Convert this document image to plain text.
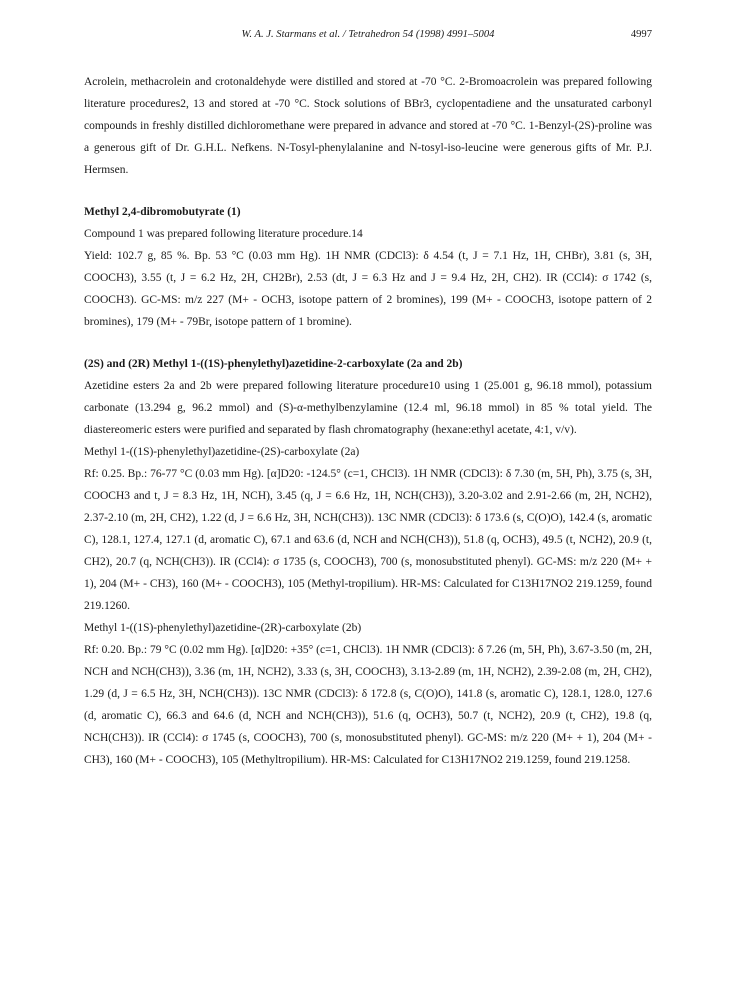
W. A. J. Starmans et al. / Tetrahedron 54 (1998) 4991–5004	4997

Acrolein, methacrolein and crotonaldehyde were distilled and stored at -70 °C. 2-Bromoacrolein was prepared following literature procedures2, 13 and stored at -70 °C. Stock solutions of BBr3, cyclopentadiene and the unsaturated carbonyl compounds in freshly distilled dichloromethane were prepared in advance and stored at -70 °C. 1-Benzyl-(2S)-proline was a generous gift of Dr. G.H.L. Nefkens. N-Tosyl-phenylalanine and N-tosyl-iso-leucine were generous gifts of Mr. P.J. Hermsen.

Methyl 2,4-dibromobutyrate (1)

Compound 1 was prepared following literature procedure.14

Yield: 102.7 g, 85 %. Bp. 53 °C (0.03 mm Hg). 1H NMR (CDCl3): δ 4.54 (t, J = 7.1 Hz, 1H, CHBr), 3.81 (s, 3H, COOCH3), 3.55 (t, J = 6.2 Hz, 2H, CH2Br), 2.53 (dt, J = 6.3 Hz and J = 9.4 Hz, 2H, CH2). IR (CCl4): σ 1742 (s, COOCH3). GC-MS: m/z 227 (M+ - OCH3, isotope pattern of 2 bromines), 199 (M+ - COOCH3, isotope pattern of 2 bromines), 179 (M+ - 79Br, isotope pattern of 1 bromine).

(2S) and (2R) Methyl 1-((1S)-phenylethyl)azetidine-2-carboxylate (2a and 2b)

Azetidine esters 2a and 2b were prepared following literature procedure10 using 1 (25.001 g, 96.18 mmol), potassium carbonate (13.294 g, 96.2 mmol) and (S)-α-methylbenzylamine (12.4 ml, 96.18 mmol) in 85 % total yield. The diastereomeric esters were purified and separated by flash chromatography (hexane:ethyl acetate, 4:1, v/v).

Methyl 1-((1S)-phenylethyl)azetidine-(2S)-carboxylate (2a)

Rf: 0.25. Bp.: 76-77 °C (0.03 mm Hg). [α]D20: -124.5° (c=1, CHCl3). 1H NMR (CDCl3): δ 7.30 (m, 5H, Ph), 3.75 (s, 3H, COOCH3 and t, J = 8.3 Hz, 1H, NCH), 3.45 (q, J = 6.6 Hz, 1H, NCH(CH3)), 3.20-3.02 and 2.91-2.66 (m, 2H, NCH2), 2.37-2.10 (m, 2H, CH2), 1.22 (d, J = 6.6 Hz, 3H, NCH(CH3)). 13C NMR (CDCl3): δ 173.6 (s, C(O)O), 142.4 (s, aromatic C), 128.1, 127.4, 127.1 (d, aromatic C), 67.1 and 63.6 (d, NCH and NCH(CH3)), 51.8 (q, OCH3), 49.5 (t, NCH2), 20.9 (t, CH2), 20.7 (q, NCH(CH3)). IR (CCl4): σ 1735 (s, COOCH3), 700 (s, monosubstituted phenyl). GC-MS: m/z 220 (M+ + 1), 204 (M+ - CH3), 160 (M+ - COOCH3), 105 (Methyl-tropilium). HR-MS: Calculated for C13H17NO2 219.1259, found 219.1260.

Methyl 1-((1S)-phenylethyl)azetidine-(2R)-carboxylate (2b)

Rf: 0.20. Bp.: 79 °C (0.02 mm Hg). [α]D20: +35° (c=1, CHCl3). 1H NMR (CDCl3): δ 7.26 (m, 5H, Ph), 3.67-3.50 (m, 2H, NCH and NCH(CH3)), 3.36 (m, 1H, NCH2), 3.33 (s, 3H, COOCH3), 3.13-2.89 (m, 1H, NCH2), 2.39-2.08 (m, 2H, CH2), 1.29 (d, J = 6.5 Hz, 3H, NCH(CH3)). 13C NMR (CDCl3): δ 172.8 (s, C(O)O), 141.8 (s, aromatic C), 128.1, 128.0, 127.6 (d, aromatic C), 66.3 and 64.6 (d, NCH and NCH(CH3)), 51.6 (q, OCH3), 50.7 (t, NCH2), 20.9 (t, CH2), 19.8 (q, NCH(CH3)). IR (CCl4): σ 1745 (s, COOCH3), 700 (s, monosubstituted phenyl). GC-MS: m/z 220 (M+ + 1), 204 (M+ - CH3), 160 (M+ - COOCH3), 105 (Methyltropilium). HR-MS: Calculated for C13H17NO2 219.1259, found 219.1258.
